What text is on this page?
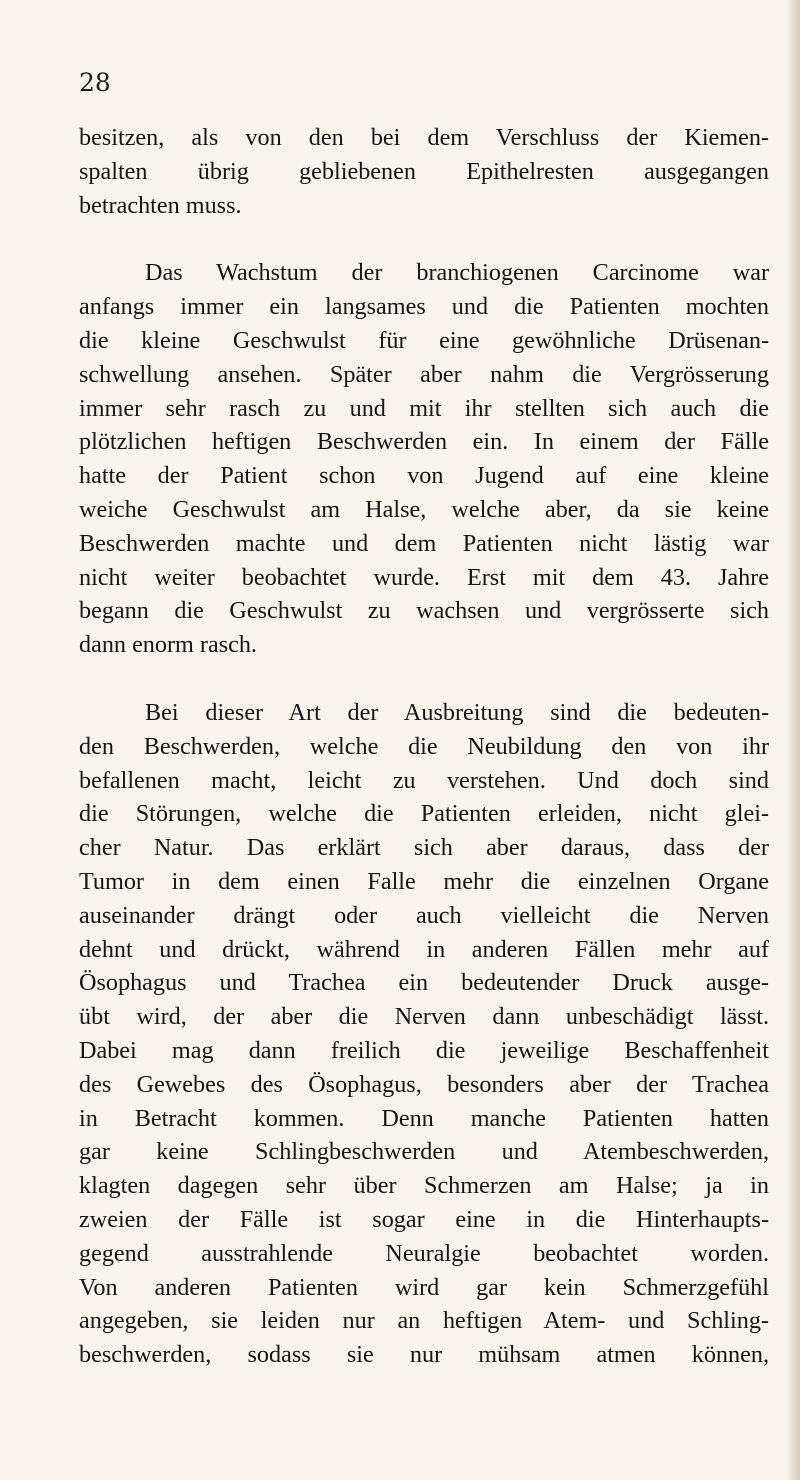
28

besitzen, als von den bei dem Verschluss der Kiemen-
spalten übrig gebliebenen Epithelresten ausgegangen
betrachten muss.

Das Wachstum der branchiogenen Carcinome war
anfangs immer ein langsames und die Patienten mochten
die kleine Geschwulst für eine gewöhnliche Drüsenan-
schwellung ansehen. Später aber nahm die Vergrösserung
immer sehr rasch zu und mit ihr stellten sich auch die
plötzlichen heftigen Beschwerden ein. In einem der Fälle
hatte der Patient schon von Jugend auf eine kleine
weiche Geschwulst am Halse, welche aber, da sie keine
Beschwerden machte und dem Patienten nicht lästig war
nicht weiter beobachtet wurde. Erst mit dem 43. Jahre
begann die Geschwulst zu wachsen und vergrösserte sich
dann enorm rasch.

Bei dieser Art der Ausbreitung sind die bedeuten-
den Beschwerden, welche die Neubildung den von ihr
befallenen macht, leicht zu verstehen. Und doch sind
die Störungen, welche die Patienten erleiden, nicht glei-
cher Natur. Das erklärt sich aber daraus, dass der
Tumor in dem einen Falle mehr die einzelnen Organe
auseinander drängt oder auch vielleicht die Nerven
dehnt und drückt, während in anderen Fällen mehr auf
Ösophagus und Trachea ein bedeutender Druck ausge-
übt wird, der aber die Nerven dann unbeschädigt lässt.
Dabei mag dann freilich die jeweilige Beschaffenheit
des Gewebes des Ösophagus, besonders aber der Trachea
in Betracht kommen. Denn manche Patienten hatten
gar keine Schlingbeschwerden und Atembeschwerden,
klagten dagegen sehr über Schmerzen am Halse; ja in
zweien der Fälle ist sogar eine in die Hinterhaupts-
gegend ausstrahlende Neuralgie beobachtet worden.
Von anderen Patienten wird gar kein Schmerzgefühl
angegeben, sie leiden nur an heftigen Atem- und Schling-
beschwerden, sodass sie nur mühsam atmen können,
